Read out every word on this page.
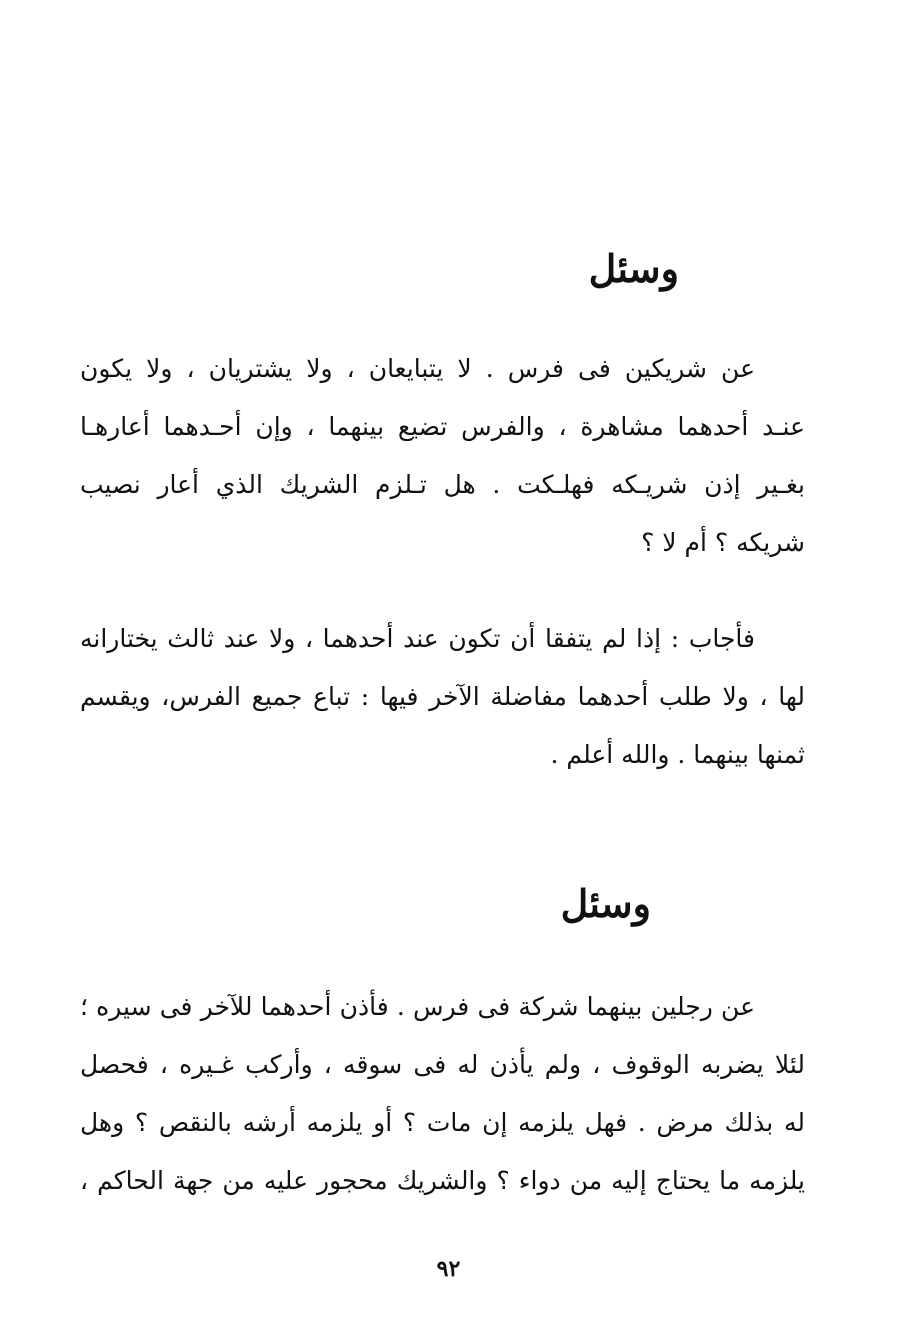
وسئل
عن شريكين فى فرس . لا يتبايعان ، ولا يشتريان ، ولا يكون
عنـد أحدهما مشاهرة ، والفرس تضيع بينهما ، وإن أحـدهما أعارهـا
بغـير إذن شريـكه فهلـكت . هل تـلزم الشريك الذي أعار نصيب
شريكه ؟ أم لا ؟
فأجاب : إذا لم يتفقا أن تكون عند أحدهما ، ولا عند ثالث يختارانه
لها ، ولا طلب أحدهما مفاضلة الآخر فيها : تباع جميع الفرس، ويقسم
ثمنها بينهما . والله أعلم .
وسئل
عن رجلين بينهما شركة فى فرس . فأذن أحدهما للآخر فى سيره ؛
لئلا يضربه الوقوف ، ولم يأذن له فى سوقه ، وأركب غـيره ، فحصل
له بذلك مرض . فهل يلزمه إن مات ؟ أو يلزمه أرشه بالنقص ؟ وهل
يلزمه ما يحتاج إليه من دواء ؟ والشريك محجور عليه من جهة الحاكم ،
٩٢
